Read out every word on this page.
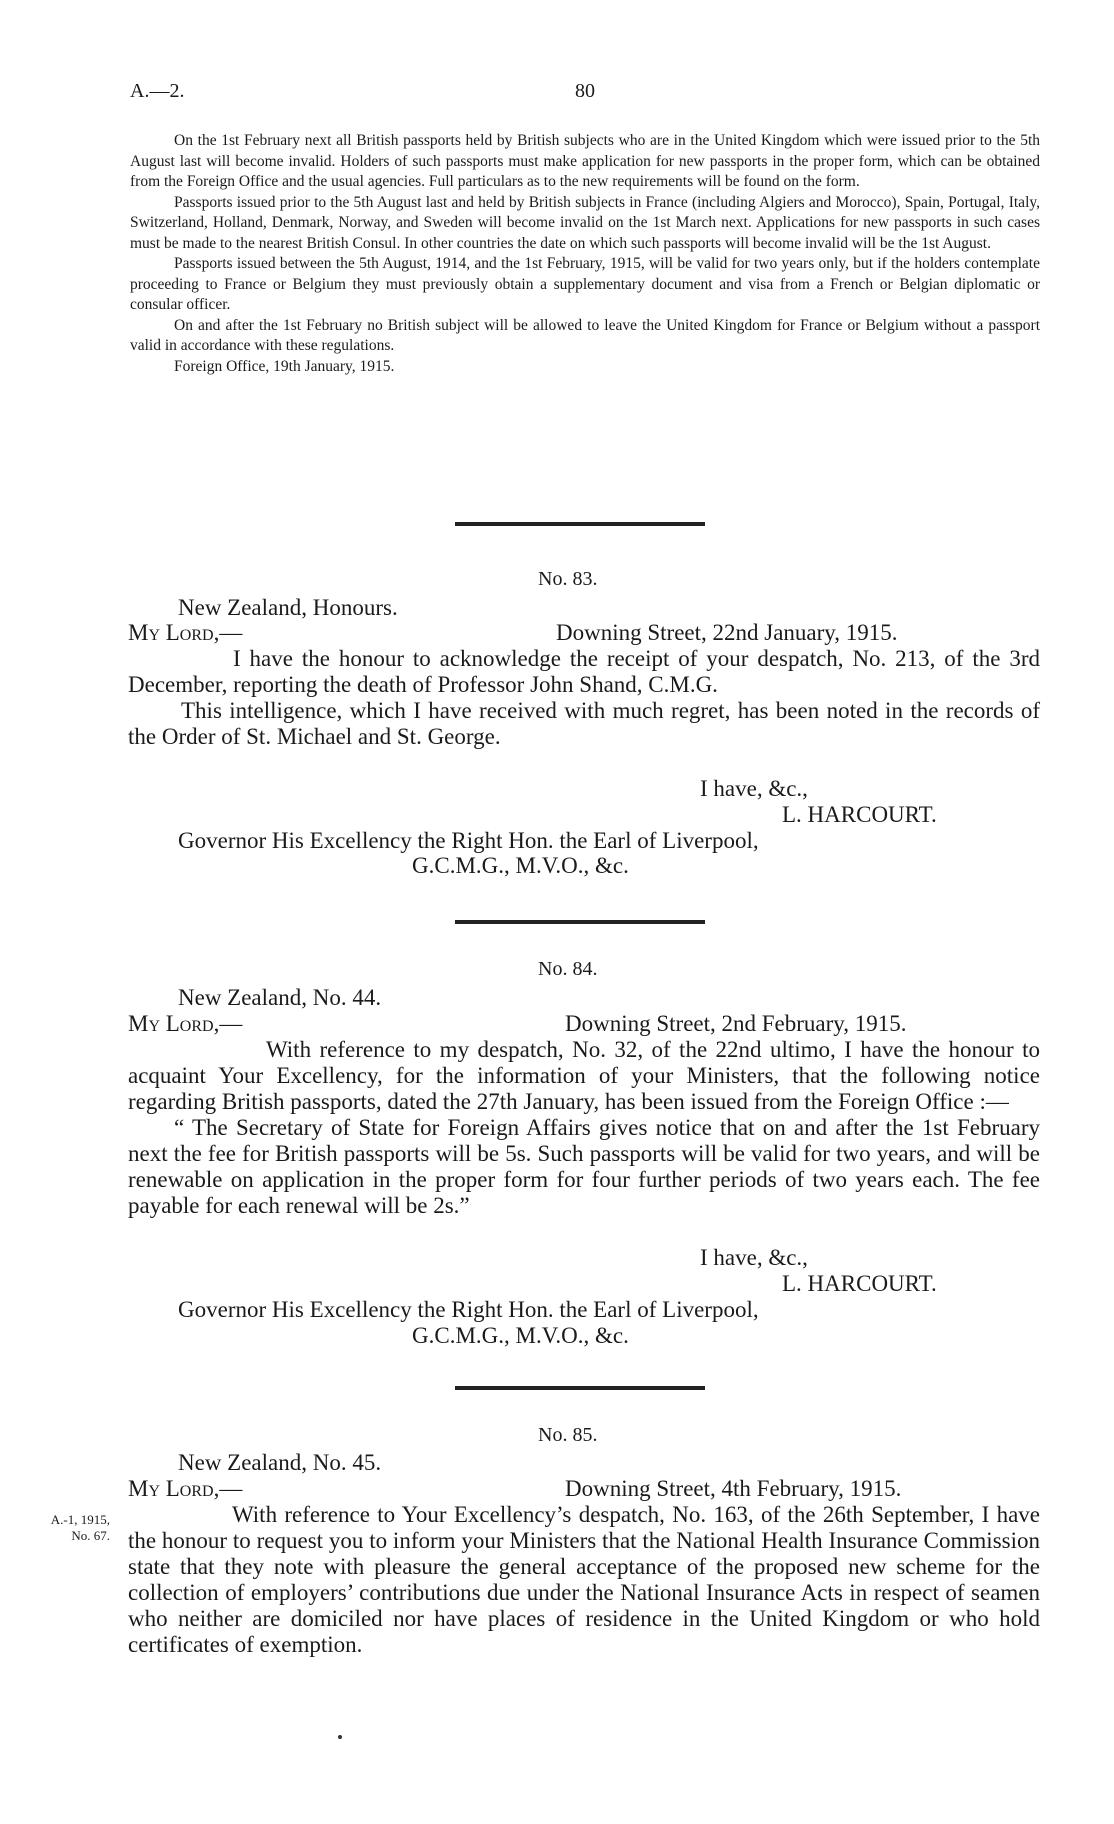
A.—2.	80

On the 1st February next all British passports held by British subjects who are in the United Kingdom which were issued prior to the 5th August last will become invalid. Holders of such passports must make application for new passports in the proper form, which can be obtained from the Foreign Office and the usual agencies. Full particulars as to the new requirements will be found on the form.

Passports issued prior to the 5th August last and held by British subjects in France (including Algiers and Morocco), Spain, Portugal, Italy, Switzerland, Holland, Denmark, Norway, and Sweden will become invalid on the 1st March next. Applications for new passports in such cases must be made to the nearest British Consul. In other countries the date on which such passports will become invalid will be the 1st August.

Passports issued between the 5th August, 1914, and the 1st February, 1915, will be valid for two years only, but if the holders contemplate proceeding to France or Belgium they must previously obtain a supplementary document and visa from a French or Belgian diplomatic or consular officer.

On and after the 1st February no British subject will be allowed to leave the United Kingdom for France or Belgium without a passport valid in accordance with these regulations.

Foreign Office, 19th January, 1915.

No. 83.
New Zealand, Honours.
My Lord,—	Downing Street, 22nd January, 1915.

I have the honour to acknowledge the receipt of your despatch, No. 213, of the 3rd December, reporting the death of Professor John Shand, C.M.G.

This intelligence, which I have received with much regret, has been noted in the records of the Order of St. Michael and St. George.

I have, &c.,
L. HARCOURT.
Governor His Excellency the Right Hon. the Earl of Liverpool,
G.C.M.G., M.V.O., &c.
No. 84.
New Zealand, No. 44.
My Lord,—	Downing Street, 2nd February, 1915.

With reference to my despatch, No. 32, of the 22nd ultimo, I have the honour to acquaint Your Excellency, for the information of your Ministers, that the following notice regarding British passports, dated the 27th January, has been issued from the Foreign Office :—

“ The Secretary of State for Foreign Affairs gives notice that on and after the 1st February next the fee for British passports will be 5s. Such passports will be valid for two years, and will be renewable on application in the proper form for four further periods of two years each. The fee payable for each renewal will be 2s.”

I have, &c.,
L. HARCOURT.
Governor His Excellency the Right Hon. the Earl of Liverpool,
G.C.M.G., M.V.O., &c.
No. 85.
New Zealand, No. 45.
My Lord,—	Downing Street, 4th February, 1915.
A.-1, 1915,
No. 67.

With reference to Your Excellency’s despatch, No. 163, of the 26th September, I have the honour to request you to inform your Ministers that the National Health Insurance Commission state that they note with pleasure the general acceptance of the proposed new scheme for the collection of employers’ contributions due under the National Insurance Acts in respect of seamen who neither are domiciled nor have places of residence in the United Kingdom or who hold certificates of exemption.
